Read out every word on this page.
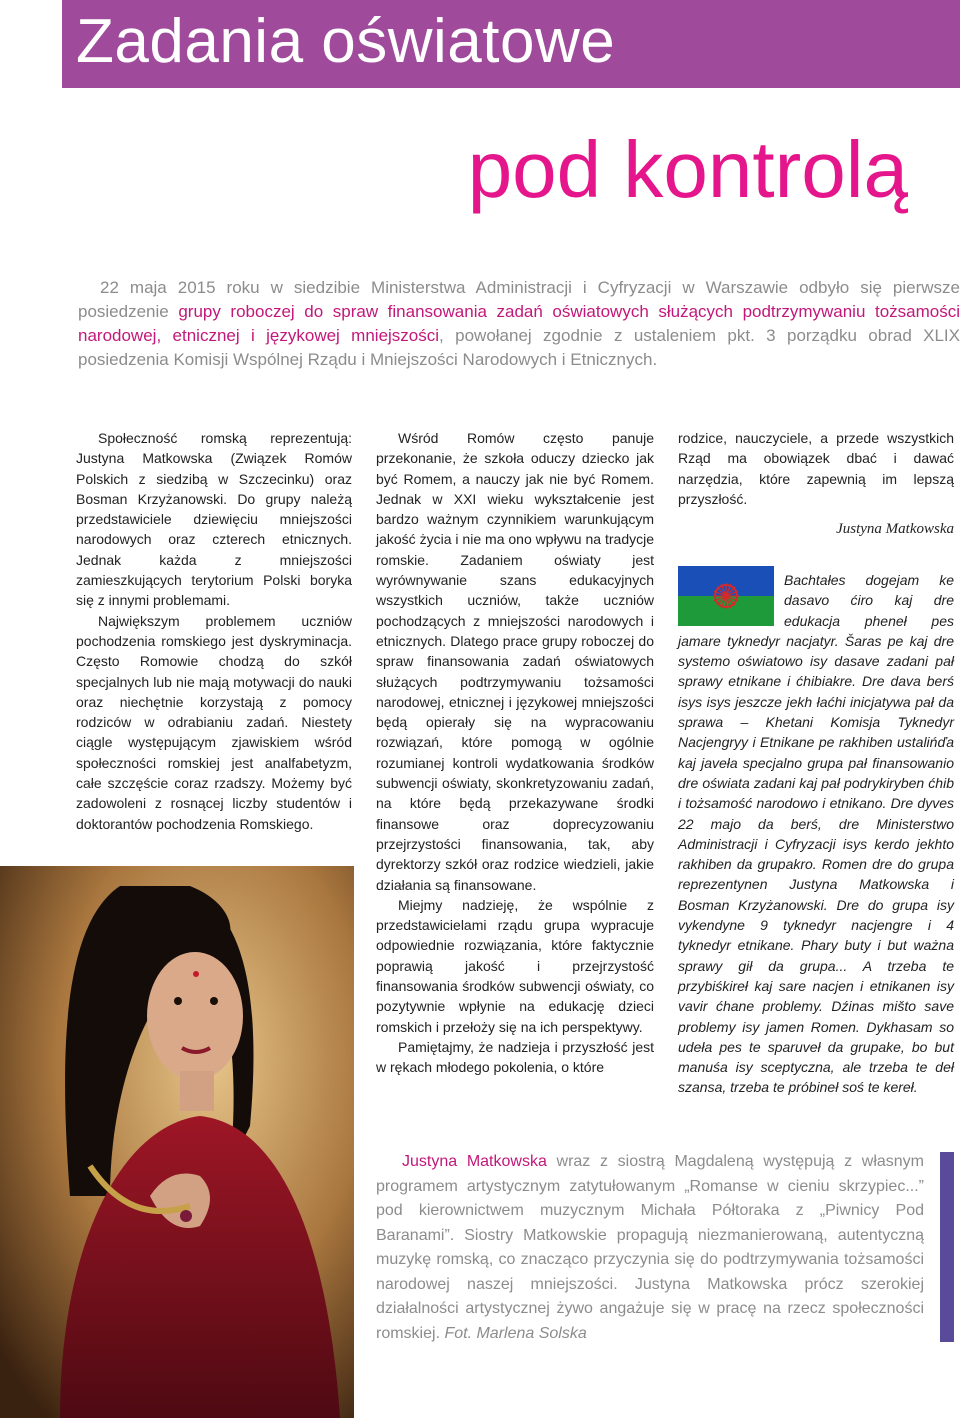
Zadania oświatowe
pod kontrolą

22 maja 2015 roku w siedzibie Ministerstwa Administracji i Cyfryzacji w Warszawie odbyło się pierwsze posiedzenie grupy roboczej do spraw finansowania zadań oświatowych służących podtrzymywaniu tożsamości narodowej, etnicznej i językowej mniejszości, powołanej zgodnie z ustaleniem pkt. 3 porządku obrad XLIX posiedzenia Komisji Wspólnej Rządu i Mniejszości Narodowych i Etnicznych.

Społeczność romską reprezentują: Justyna Matkowska (Związek Romów Polskich z siedzibą w Szczecinku) oraz Bosman Krzyżanowski. Do grupy należą przedstawiciele dziewięciu mniejszości narodowych oraz czterech etnicznych. Jednak każda z mniejszości zamieszkujących terytorium Polski boryka się z innymi problemami.

Największym problemem uczniów pochodzenia romskiego jest dyskryminacja. Często Romowie chodzą do szkół specjalnych lub nie mają motywacji do nauki oraz niechętnie korzystają z pomocy rodziców w odrabianiu zadań. Niestety ciągle występującym zjawiskiem wśród społeczności romskiej jest analfabetyzm, całe szczęście coraz rzadszy. Możemy być zadowoleni z rosnącej liczby studentów i doktorantów pochodzenia Romskiego.

Wśród Romów często panuje przekonanie, że szkoła oduczy dziecko jak być Romem, a nauczy jak nie być Romem. Jednak w XXI wieku wykształcenie jest bardzo ważnym czynnikiem warunkującym jakość życia i nie ma ono wpływu na tradycje romskie. Zadaniem oświaty jest wyrównywanie szans edukacyjnych wszystkich uczniów, także uczniów pochodzących z mniejszości narodowych i etnicznych. Dlatego prace grupy roboczej do spraw finansowania zadań oświatowych służących podtrzymywaniu tożsamości narodowej, etnicznej i językowej mniejszości będą opierały się na wypracowaniu rozwiązań, które pomogą w ogólnie rozumianej kontroli wydatkowania środków subwencji oświaty, skonkretyzowaniu zadań, na które będą przekazywane środki finansowe oraz doprecyzowaniu przejrzystości finansowania, tak, aby dyrektorzy szkół oraz rodzice wiedzieli, jakie działania są finansowane.

Miejmy nadzieję, że wspólnie z przedstawicielami rządu grupa wypracuje odpowiednie rozwiązania, które faktycznie poprawią jakość i przejrzystość finansowania środków subwencji oświaty, co pozytywnie wpłynie na edukację dzieci romskich i przełoży się na ich perspektywy.

Pamiętajmy, że nadzieja i przyszłość jest w rękach młodego pokolenia, o które

rodzice, nauczyciele, a przede wszystkich Rząd ma obowiązek dbać i dawać narzędzia, które zapewnią im lepszą przyszłość.

Justyna Matkowska

Bachtałes dogejam ke dasavo ćiro kaj dre edukacja pheneł pes jamare tyknedyr nacjatyr. Šaras pe kaj dre systemo oświatowo isy dasave zadani pał sprawy etnikane i ćhibiakre. Dre dava berś isys isys jeszcze jekh łaćhi inicjatywa pał da sprawa – Khetani Komisja Tyknedyr Nacjengryy i Etnikane pe rakhiben ustalińďa kaj javeła specjalno grupa pał finansowanio dre oświata zadani kaj pał podrykiryben ćhib i tożsamość narodowo i etnikano. Dre dyves 22 majo da berś, dre Ministerstwo Administracji i Cyfryzacji isys kerdo jekhto rakhiben da grupakro. Romen dre do grupa reprezentynen Justyna Matkowska i Bosman Krzyżanowski. Dre do grupa isy vykendyne 9 tyknedyr nacjengre i 4 tyknedyr etnikane. Phary buty i but ważna sprawy gił da grupa... A trzeba te przybiśkireł kaj sare nacjen i etnikanen isy vavir ćhane problemy. Dźinas mišto save problemy isy jamen Romen. Dykhasam so udeła pes te sparuveł da grupake, bo but manuśa isy sceptyczna, ale trzeba te deł szansa, trzeba te próbineł soś te kereł.

Justyna Matkowska wraz z siostrą Magdaleną występują z własnym programem artystycznym zatytułowanym „Romanse w cieniu skrzypiec...” pod kierownictwem muzycznym Michała Półtoraka z „Piwnicy Pod Baranami”. Siostry Matkowskie propagują niezmanierowaną, autentyczną muzykę romską, co znacząco przyczynia się do podtrzymywania tożsamości narodowej naszej mniejszości. Justyna Matkowska prócz szerokiej działalności artystycznej żywo angażuje się w pracę na rzecz społeczności romskiej. Fot. Marlena Solska
